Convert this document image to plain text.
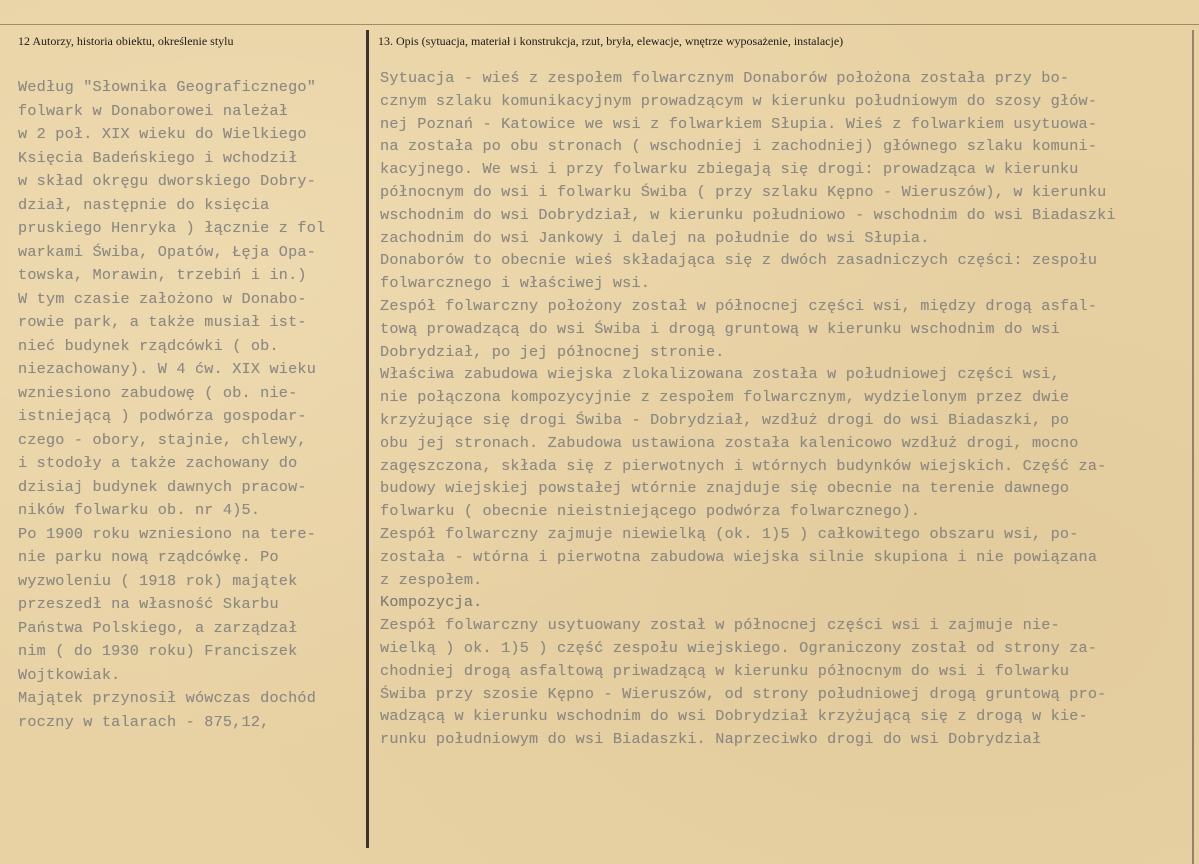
12 Autorzy, historia obiektu, określenie stylu	13. Opis (sytuacja, materiał i konstrukcja, rzut, bryła, elewacje, wnętrze wyposażenie, instalacje)
Według "Słownika Geograficznego"
folwark w Donaborowei należał
w 2 poł. XIX wieku do Wielkiego
Księcia Badeńskiego i wchodził
w skład okręgu dworskiego Dobry-
dział, następnie do księcia
pruskiego Henryka ) łącznie z fol
warkami Świba, Opatów, Łęja Opa-
towska, Morawin, trzebiń i in.)
W tym czasie założono w Donabo-
rowie park, a także musiał ist-
nieć budynek rządcówki ( ob.
niezachowany). W 4 ćw. XIX wieku
wzniesiono zabudowę ( ob. nie-
istniejącą ) podwórza gospodar-
czego - obory, stajnie, chlewy,
i stodoły a także zachowany do
dzisiaj budynek dawnych pracow-
ników folwarku ob. nr 4)5.
Po 1900 roku wzniesiono na tere-
nie parku nową rządcówkę. Po
wyzwoleniu ( 1918 rok) majątek
przeszedł na własność Skarbu
Państwa Polskiego, a zarządzał
nim ( do 1930 roku) Franciszek
Wojtkowiak.
Majątek przynosił wówczas dochód
roczny w talarach - 875,12,
Sytuacja - wieś z zespołem folwarcznym Donaborów położona została przy bo-
cznym szlaku komunikacyjnym prowadzącym w kierunku południowym do szosy głów-
nej Poznań - Katowice we wsi z folwarkiem Słupia. Wieś z folwarkiem usytuowa-
na została po obu stronach ( wschodniej i zachodniej) głównego szlaku komuni-
kacyjnego. We wsi i przy folwarku zbiegają się drogi: prowadząca w kierunku
północnym do wsi i folwarku Świba ( przy szlaku Kępno - Wieruszów), w kierunku
wschodnim do wsi Dobrydział, w kierunku południowo - wschodnim do wsi Biadaszki
zachodnim do wsi Jankowy i dalej na południe do wsi Słupia.
Donaborów to obecnie wieś składająca się z dwóch zasadniczych części: zespołu
folwarcznego i właściwej wsi.
Zespół folwarczny położony został w północnej części wsi, między drogą asfal-
tową prowadzącą do wsi Świba i drogą gruntową w kierunku wschodnim do wsi
Dobrydział, po jej północnej stronie.
Właściwa zabudowa wiejska zlokalizowana została w południowej części wsi,
nie połączona kompozycyjnie z zespołem folwarcznym, wydzielonym przez dwie
krzyżujące się drogi Świba - Dobrydział, wzdłuż drogi do wsi Biadaszki, po
obu jej stronach. Zabudowa ustawiona została kalenicowo wzdłuż drogi, mocno
zagęszczona, składa się z pierwotnych i wtórnych budynków wiejskich. Część za-
budowy wiejskiej powstałej wtórnie znajduje się obecnie na terenie dawnego
folwarku ( obecnie nieistniejącego podwórza folwarcznego).
Zespół folwarczny zajmuje niewielką (ok. 1)5 ) całkowitego obszaru wsi, po-
została - wtórna i pierwotna zabudowa wiejska silnie skupiona i nie powiązana
z zespołem.
Kompozycja.
Zespół folwarczny usytuowany został w północnej części wsi i zajmuje nie-
wielką ) ok. 1)5 ) część zespołu wiejskiego. Ograniczony został od strony za-
chodniej drogą asfaltową priwadzącą w kierunku północnym do wsi i folwarku
Świba przy szosie Kępno - Wieruszów, od strony południowej drogą gruntową pro-
wadzącą w kierunku wschodnim do wsi Dobrydział krzyżującą się z drogą w kie-
runku południowym do wsi Biadaszki. Naprzeciwko drogi do wsi Dobrydział
